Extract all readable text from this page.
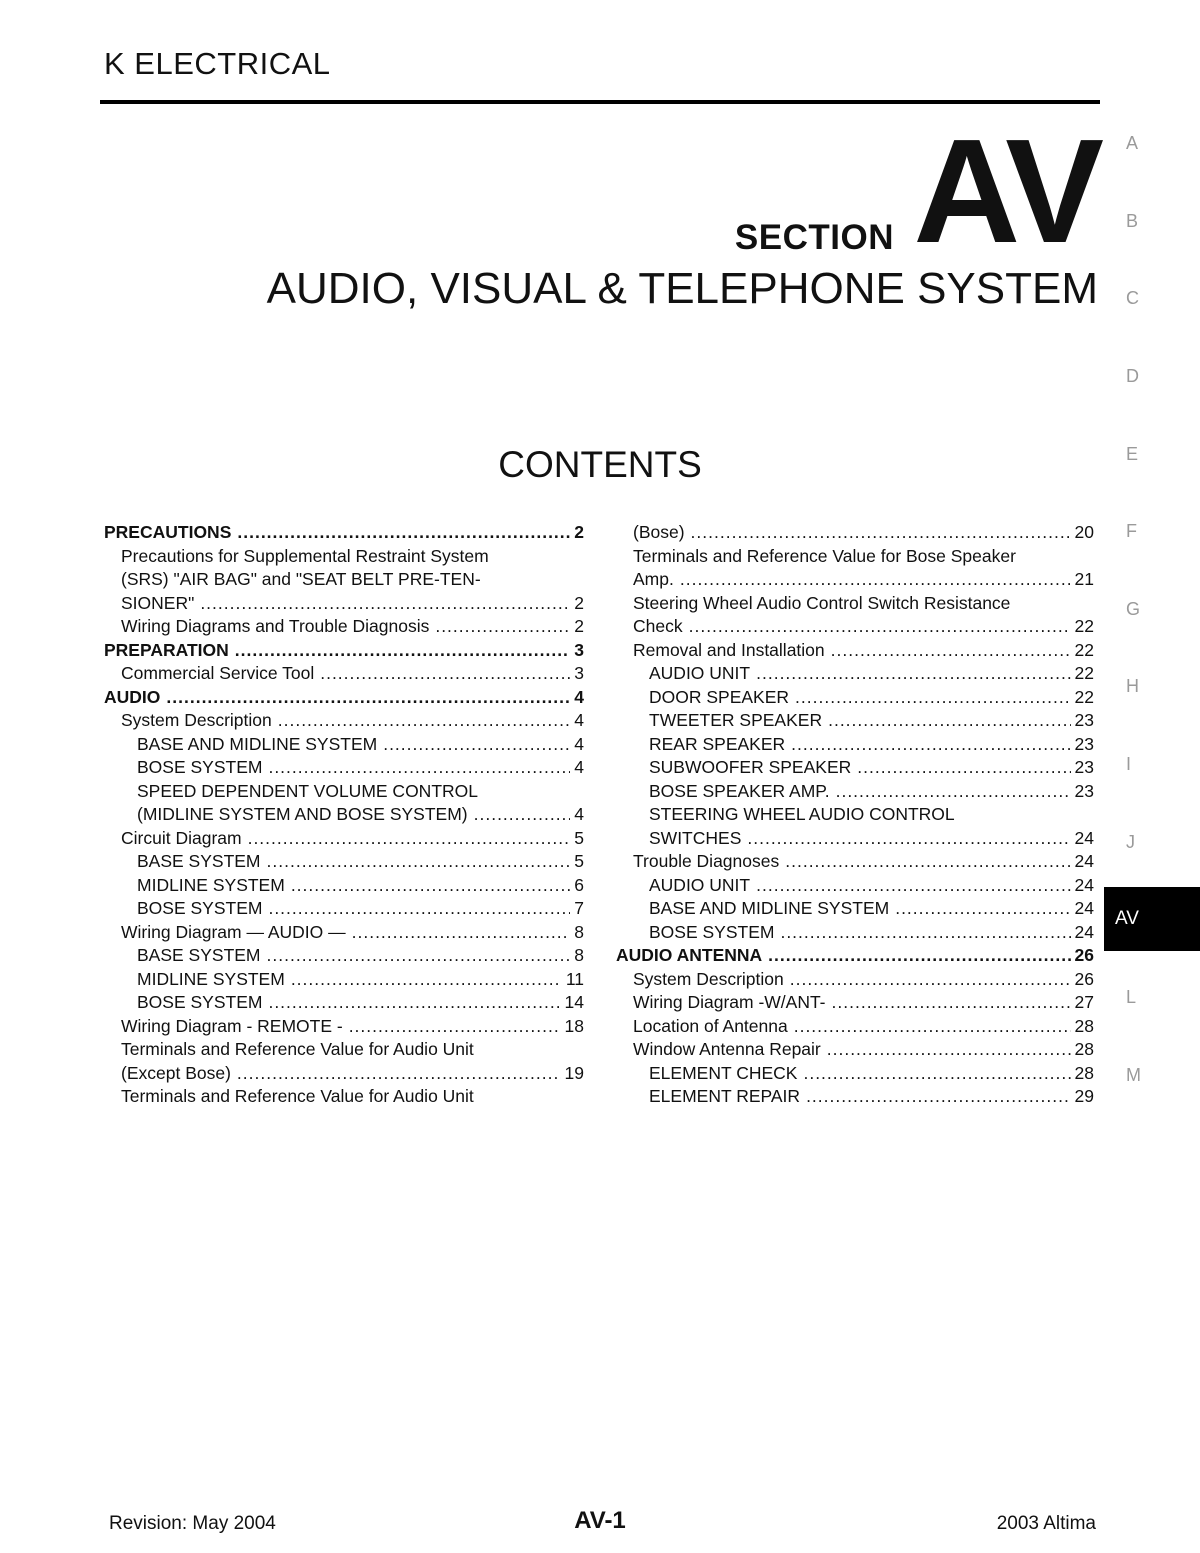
K ELECTRICAL
SECTION AV
AUDIO, VISUAL & TELEPHONE SYSTEM
CONTENTS
A
B
C
D
E
F
G
H
I
J
AV
L
M
PRECAUTIONS .....	2
Precautions for Supplemental Restraint System
(SRS) "AIR BAG" and "SEAT BELT PRE-TEN-
SIONER" .....	2
Wiring Diagrams and Trouble Diagnosis .....	2
PREPARATION .....	3
Commercial Service Tool .....	3
AUDIO .....	4
System Description .....	4
BASE AND MIDLINE SYSTEM .....	4
BOSE SYSTEM .....	4
SPEED DEPENDENT VOLUME CONTROL
(MIDLINE SYSTEM AND BOSE SYSTEM) .....	4
Circuit Diagram .....	5
BASE SYSTEM .....	5
MIDLINE SYSTEM .....	6
BOSE SYSTEM .....	7
Wiring Diagram — AUDIO — .....	8
BASE SYSTEM .....	8
MIDLINE SYSTEM .....	11
BOSE SYSTEM .....	14
Wiring Diagram - REMOTE - .....	18
Terminals and Reference Value for Audio Unit
(Except Bose) .....	19
Terminals and Reference Value for Audio Unit
(Bose) .....	20
Terminals and Reference Value for Bose Speaker
Amp. .....	21
Steering Wheel Audio Control Switch Resistance
Check .....	22
Removal and Installation .....	22
AUDIO UNIT .....	22
DOOR SPEAKER .....	22
TWEETER SPEAKER .....	23
REAR SPEAKER .....	23
SUBWOOFER SPEAKER .....	23
BOSE SPEAKER AMP. .....	23
STEERING WHEEL AUDIO CONTROL
SWITCHES .....	24
Trouble Diagnoses .....	24
AUDIO UNIT .....	24
BASE AND MIDLINE SYSTEM .....	24
BOSE SYSTEM .....	24
AUDIO ANTENNA .....	26
System Description .....	26
Wiring Diagram -W/ANT- .....	27
Location of Antenna .....	28
Window Antenna Repair .....	28
ELEMENT CHECK .....	28
ELEMENT REPAIR .....	29
Revision: May 2004	AV-1	2003 Altima
